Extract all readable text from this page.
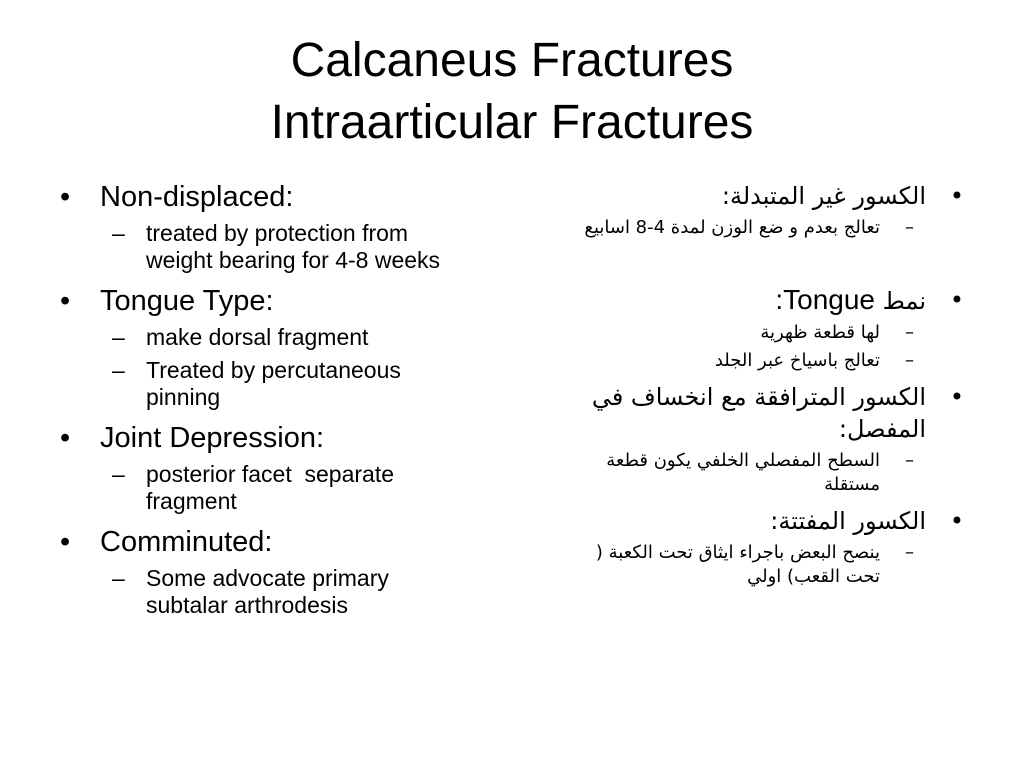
Calcaneus Fractures
Intraarticular Fractures
• Non-displaced:
– treated by protection from weight bearing for 4-8 weeks
• Tongue Type:
– make dorsal fragment
– Treated by percutaneous pinning
• Joint Depression:
– posterior facet  separate fragment
• Comminuted:
– Some advocate primary subtalar arthrodesis
•
الكسور غير المتبدلة:
–
تعالج بعدم و ضع الوزن لمدة 4-8 اسابيع
•
نمط Tongue:
–
لها قطعة ظهرية
–
تعالج باسياخ عبر الجلد
•
الكسور المترافقة مع انخساف في المفصل:
–
السطح المفصلي الخلفي يكون قطعة مستقلة
•
الكسور المفتتة:
–
ينصح البعض باجراء ايثاق تحت الكعبة ( تحت القعب) اولي
